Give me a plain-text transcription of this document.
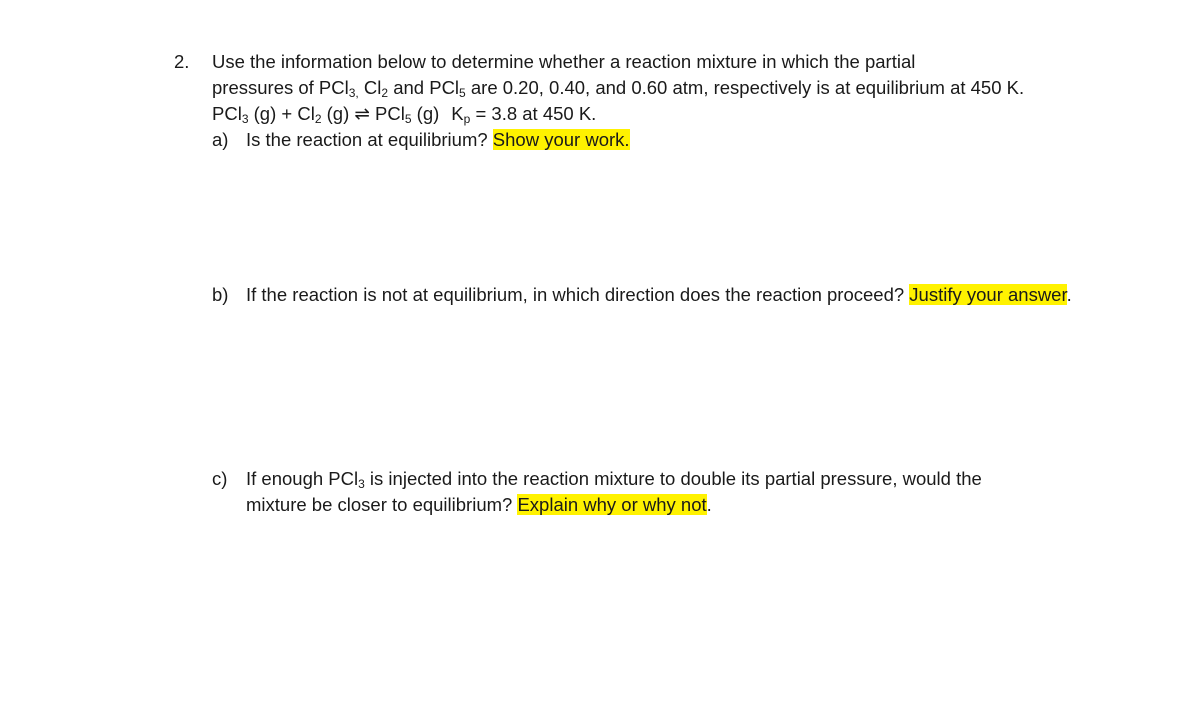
2. Use the information below to determine whether a reaction mixture in which the partial
pressures of PCl$_{3,}$ $Cl_2$ and PCl$_5$ are 0.20, 0.40, and 0.60 atm, respectively is at equilibrium at 450 K.
PCl$_3$ $(g) + Cl_2$ (g) ⇌ PCl$_5$ (g) $K_p = 3.8$ at 450 K.
a) Is the reaction at equilibrium? Show your work.
b) If the reaction is not at equilibrium, in which direction does the reaction proceed? Justify your answer.
c) If enough PCl$_3$ is injected into the reaction mixture to double its partial pressure, would the
mixture be closer to equilibrium? Explain why or why not.
